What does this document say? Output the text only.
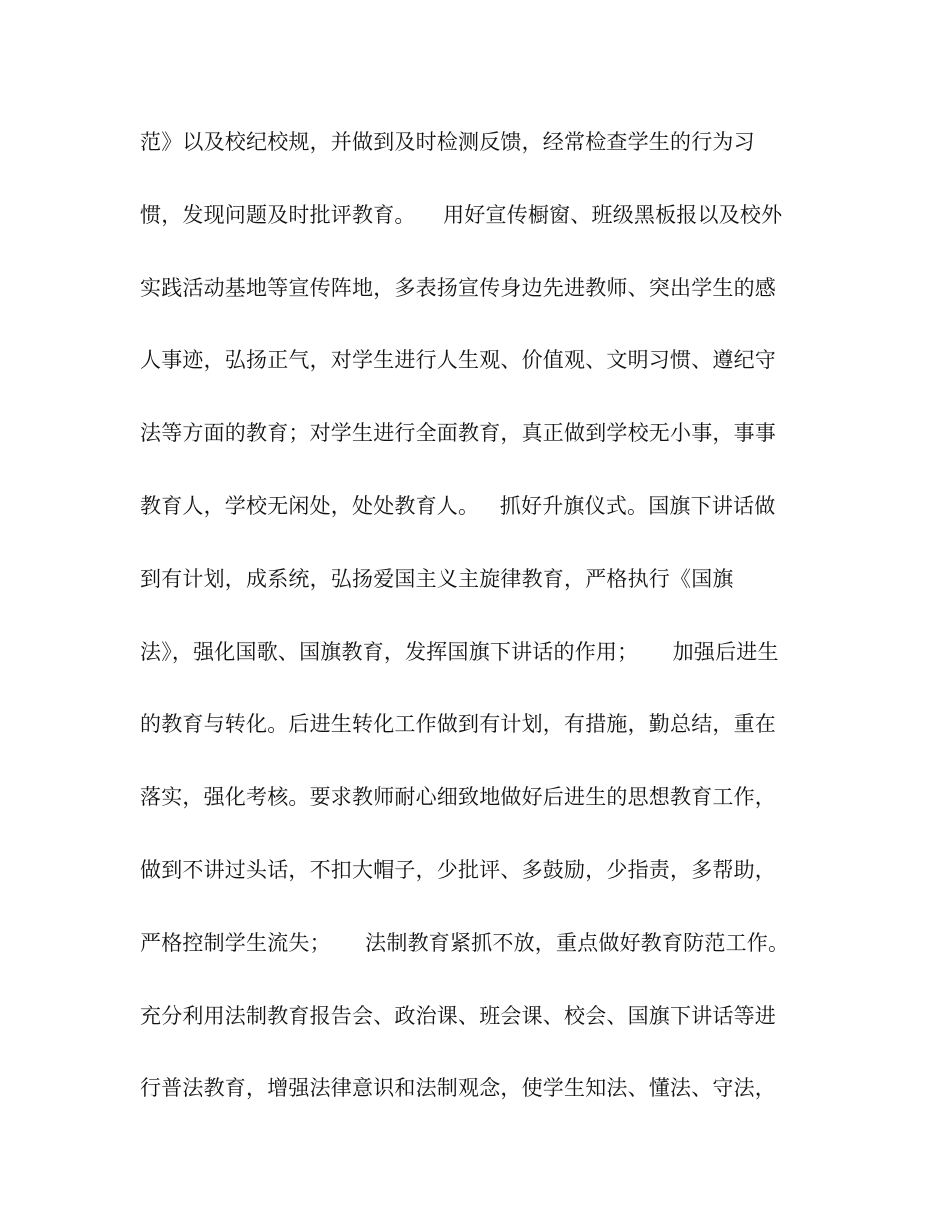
范》以及校纪校规，并做到及时检测反馈，经常检查学生的行为习
惯，发现问题及时批评教育。    用好宣传橱窗、班级黑板报以及校外
实践活动基地等宣传阵地，多表扬宣传身边先进教师、突出学生的感
人事迹，弘扬正气，对学生进行人生观、价值观、文明习惯、遵纪守
法等方面的教育；对学生进行全面教育，真正做到学校无小事，事事
教育人，学校无闲处，处处教育人。   抓好升旗仪式。国旗下讲话做
到有计划，成系统，弘扬爱国主义主旋律教育，严格执行《国旗
法》，强化国歌、国旗教育，发挥国旗下讲话的作用；     加强后进生
的教育与转化。后进生转化工作做到有计划，有措施，勤总结，重在
落实，强化考核。要求教师耐心细致地做好后进生的思想教育工作，
做到不讲过头话，不扣大帽子，少批评、多鼓励，少指责，多帮助，
严格控制学生流失；     法制教育紧抓不放，重点做好教育防范工作。
充分利用法制教育报告会、政治课、班会课、校会、国旗下讲话等进
行普法教育，增强法律意识和法制观念，使学生知法、懂法、守法，
